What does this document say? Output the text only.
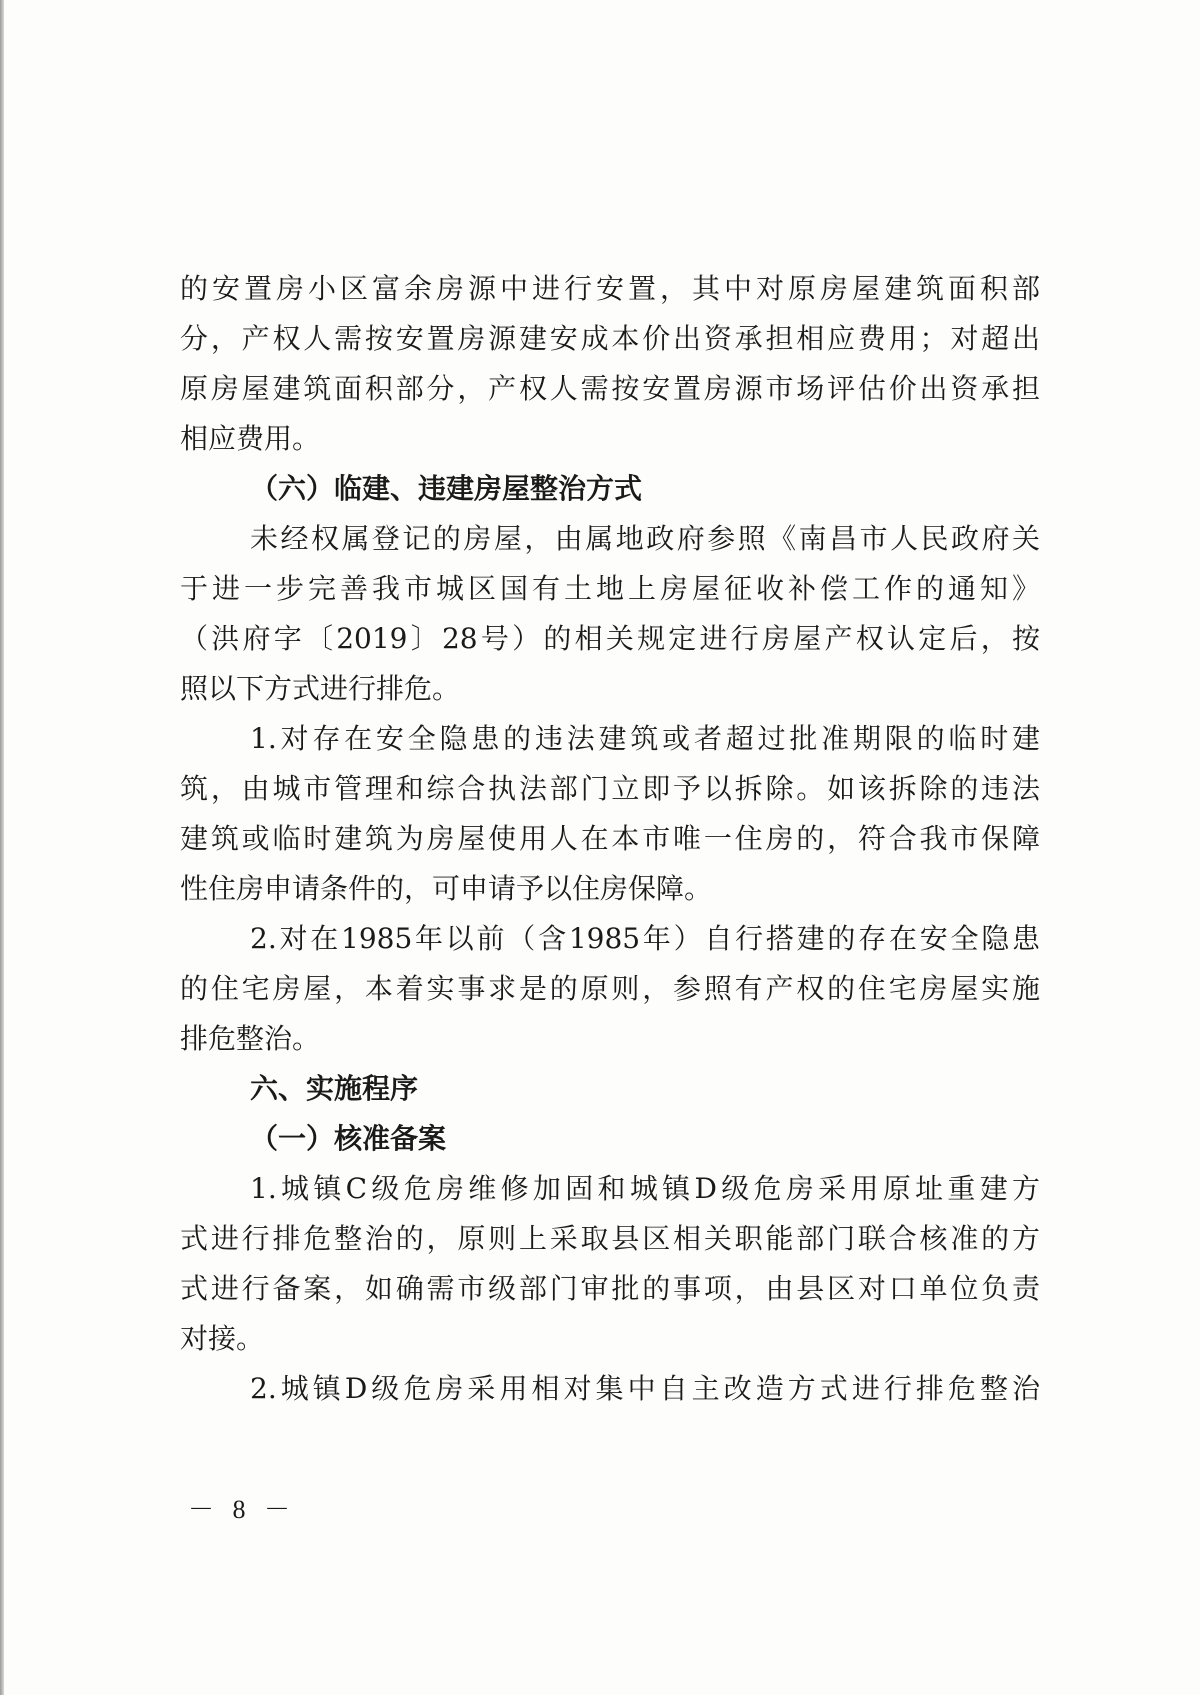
的安置房小区富余房源中进行安置，其中对原房屋建筑面积部
分，产权人需按安置房源建安成本价出资承担相应费用；对超出
原房屋建筑面积部分，产权人需按安置房源市场评估价出资承担
相应费用。
（六）临建、违建房屋整治方式
未经权属登记的房屋，由属地政府参照《南昌市人民政府关
于进一步完善我市城区国有土地上房屋征收补偿工作的通知》
（洪府字〔2019〕28号）的相关规定进行房屋产权认定后，按
照以下方式进行排危。
1.对存在安全隐患的违法建筑或者超过批准期限的临时建
筑，由城市管理和综合执法部门立即予以拆除。如该拆除的违法
建筑或临时建筑为房屋使用人在本市唯一住房的，符合我市保障
性住房申请条件的，可申请予以住房保障。
2.对在1985年以前（含1985年）自行搭建的存在安全隐患
的住宅房屋，本着实事求是的原则，参照有产权的住宅房屋实施
排危整治。
六、实施程序
（一）核准备案
1.城镇C级危房维修加固和城镇D级危房采用原址重建方
式进行排危整治的，原则上采取县区相关职能部门联合核准的方
式进行备案，如确需市级部门审批的事项，由县区对口单位负责
对接。
2.城镇D级危房采用相对集中自主改造方式进行排危整治
－ 8 －
